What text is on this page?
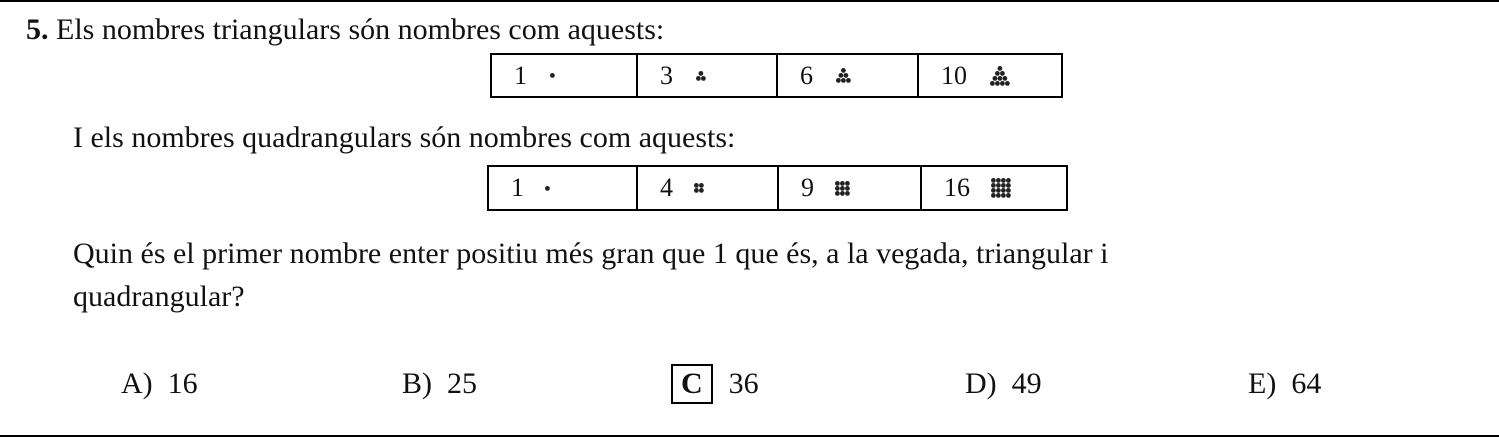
5. Els nombres triangulars són nombres com aquests:
1	3	6	10
I els nombres quadrangulars són nombres com aquests:
1	4	9	16
Quin és el primer nombre enter positiu més gran que 1 que és, a la vegada, triangular i
quadrangular?
A) 16	B) 25	C 36	D) 49	E) 64
